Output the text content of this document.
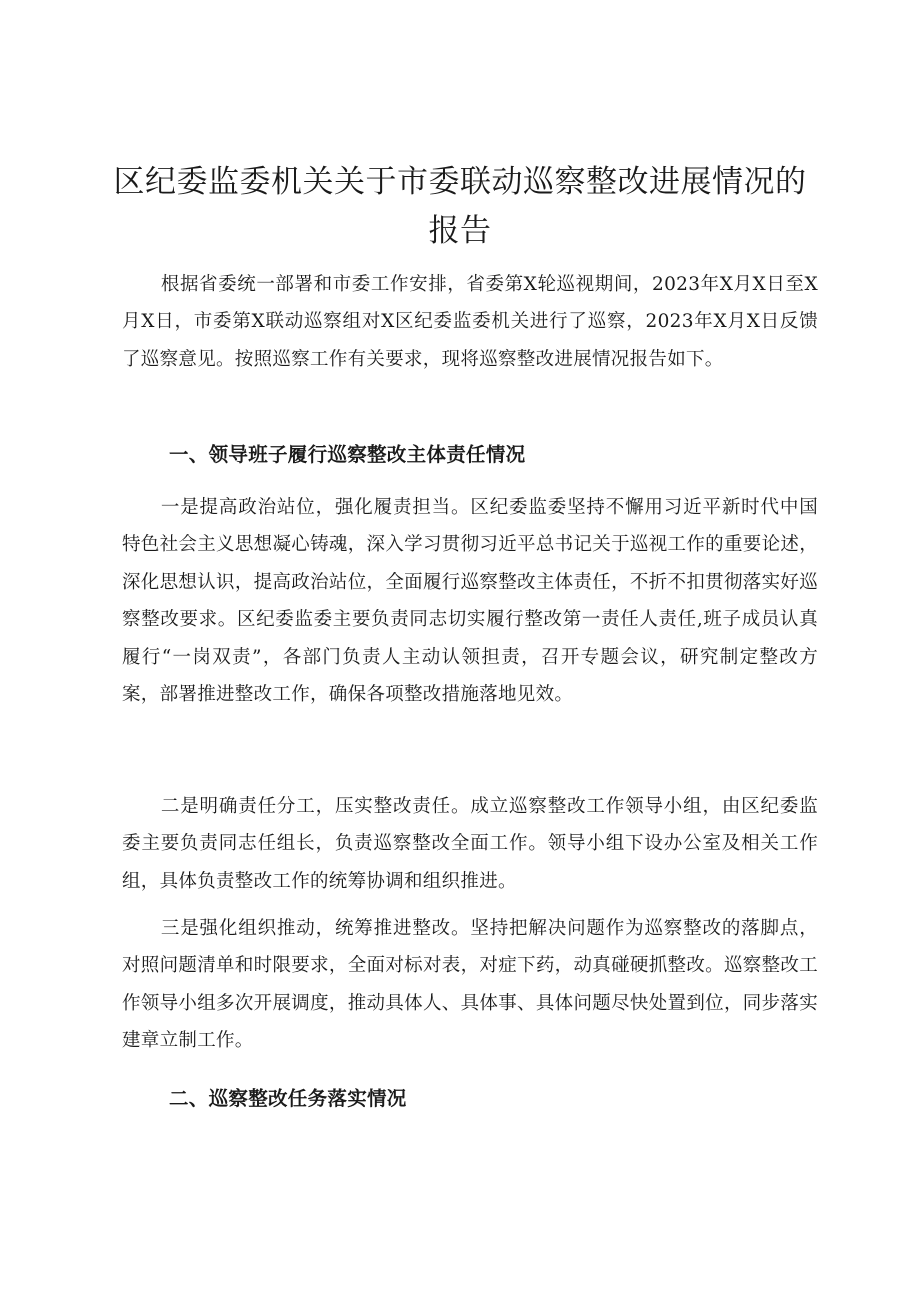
区纪委监委机关关于市委联动巡察整改进展情况的报告

根据省委统一部署和市委工作安排，省委第X轮巡视期间，2023年X月X日至X月X日，市委第X联动巡察组对X区纪委监委机关进行了巡察，2023年X月X日反馈了巡察意见。按照巡察工作有关要求，现将巡察整改进展情况报告如下。

一、领导班子履行巡察整改主体责任情况

一是提高政治站位，强化履责担当。区纪委监委坚持不懈用习近平新时代中国特色社会主义思想凝心铸魂，深入学习贯彻习近平总书记关于巡视工作的重要论述，深化思想认识，提高政治站位，全面履行巡察整改主体责任，不折不扣贯彻落实好巡察整改要求。区纪委监委主要负责同志切实履行整改第一责任人责任,班子成员认真履行“一岗双责”，各部门负责人主动认领担责，召开专题会议，研究制定整改方案，部署推进整改工作，确保各项整改措施落地见效。

二是明确责任分工，压实整改责任。成立巡察整改工作领导小组，由区纪委监委主要负责同志任组长，负责巡察整改全面工作。领导小组下设办公室及相关工作组，具体负责整改工作的统筹协调和组织推进。

三是强化组织推动，统筹推进整改。坚持把解决问题作为巡察整改的落脚点，对照问题清单和时限要求，全面对标对表，对症下药，动真碰硬抓整改。巡察整改工作领导小组多次开展调度，推动具体人、具体事、具体问题尽快处置到位，同步落实建章立制工作。

二、巡察整改任务落实情况
